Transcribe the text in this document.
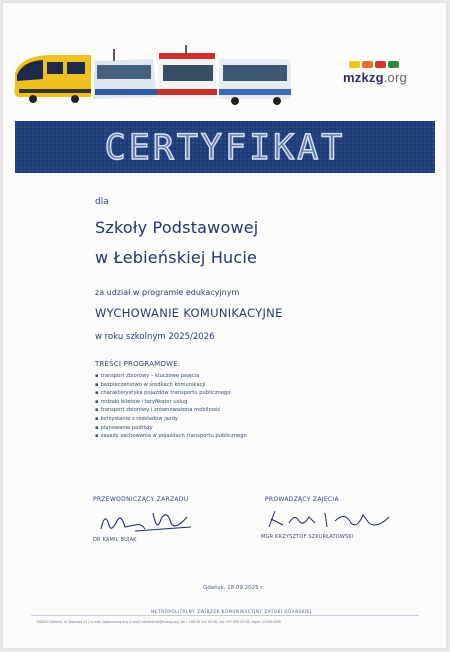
mzkzg.org
CERTYFIKAT
dla
Szkoły Podstawowej
w Łebieńskiej Hucie
za udział w programie edukacyjnym
WYCHOWANIE KOMUNIKACYJNE
w roku szkolnym 2025/2026
TREŚCI PROGRAMOWE:
▪ transport zbiorowy – kluczowe pojęcia
▪ bezpieczeństwo w środkach komunikacji
▪ charakterystyka pojazdów transportu publicznego
▪ rodzaki biletów i taryfikator usług
▪ transport zbiorowy i zrównoważona mobilność
▪ korzystanie z rozkładów jazdy
▪ planowanie podróży
▪ zasady zachowania w pojazdach transportu publicznego
PRZEWODNICZĄCY ZARZĄDU	PROWADZĄCY ZAJĘCIA
DR KAMIL BUJAK	MGR KRZYSZTOF SZKURŁATOWSKI
Gdańsk, 18.09.2025 r.
METROPOLITALNY ZWIĄZEK KOMUNIKACYJNY ZATOKI GDAŃSKIEJ
MZKZG Gdańsk, ul. Dworzec 11 | e-mail: www.mzkzg.org, e-mail: sekretariat@mzkzg.org, tel.: +48 58 342 05 06, nip: 957 099 53 06, regon: 220914390
